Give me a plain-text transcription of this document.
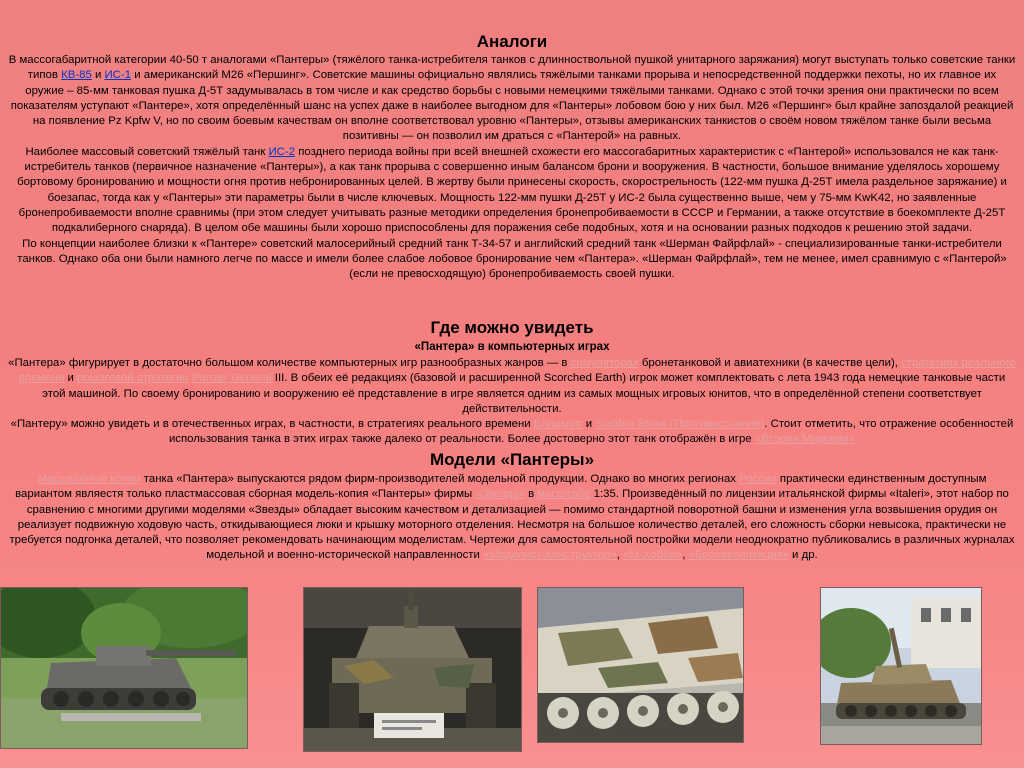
Аналоги

В массогабаритной категории 40-50 т аналогами «Пантеры» (тяжёлого танка-истребителя танков с длинноствольной пушкой унитарного заряжания) могут выступать только советские танки типов КВ-85 и ИС-1 и американский М26 «Першинг». Советские машины официально являлись тяжёлыми танками прорыва и непосредственной поддержки пехоты, но их главное их оружие – 85-мм танковая пушка Д-5Т задумывалась в том числе и как средство борьбы с новыми немецкими тяжёлыми танками. Однако с этой точки зрения они практически по всем показателям уступают «Пантере», хотя определённый шанс на успех даже в наиболее выгодном для «Пантеры» лобовом бою у них был. М26 «Першинг» был крайне запоздалой реакцией на появление Pz Kpfw V, но по своим боевым качествам он вполне соответствовал уровню «Пантеры», отзывы американских танкистов о своём новом тяжёлом танке были весьма позитивны — он позволил им драться с «Пантерой» на равных.

Наиболее массовый советский тяжёлый танк ИС-2 позднего периода войны при всей внешней схожести его массогабаритных характеристик с «Пантерой» использовался не как танк-истребитель танков (первичное назначение «Пантеры»), а как танк прорыва с совершенно иным балансом брони и вооружения. В частности, большое внимание уделялось хорошему бортовому бронированию и мощности огня против небронированных целей. В жертву были принесены скорость, скорострельность (122-мм пушка Д-25Т имела раздельное заряжание) и боезапас, тогда как у «Пантеры» эти параметры были в числе ключевых. Мощность 122-мм пушки Д-25Т у ИС-2 была существенно выше, чем у 75-мм KwK42, но заявленные бронепробиваемости вполне сравнимы (при этом следует учитывать разные методики определения бронепробиваемости в СССР и Германии, а также отсутствие в боекомплекте Д-25Т подкалиберного снаряда). В целом обе машины были хорошо приспособлены для поражения себе подобных, хотя и на основании разных подходов к решению этой задачи.

По концепции наиболее близки к «Пантере» советский малосерийный средний танк Т-34-57 и английский средний танк «Шерман Файрфлай» - специализированные танки-истребители танков. Однако оба они были намного легче по массе и имели более слабое лобовое бронирование чем «Пантера». «Шерман Файрфлай», тем не менее, имел сравнимую с «Пантерой» (если не превосходящую) бронепробиваемость своей пушки.

Где можно увидеть
«Пантера» в компьютерных играх

«Пантера» фигурирует в достаточно большом количестве компьютерных игр разнообразных жанров — в симуляторах бронетанковой и авиатехники (в качестве цели), стратегиях реального времени и пошаговой стратегии Panzer General III. В обеих её редакциях (базовой и расширенной Scorched Earth) игрок может комплектовать с лета 1943 года немецкие танковые части этой машиной. По своему бронированию и вооружению её представление в игре является одним из самых мощных игровых юнитов, что в определённой степени соответствует действительности.

«Пантеру» можно увидеть и в отечественных играх, в частности, в стратегиях реального времени Блицкриг и Sudden Strike (Противостояние). Стоит отметить, что отражение особенностей использования танка в этих играх также далеко от реальности. Более достоверно этот танк отображён в игре «Вторая Мировая»

Модели «Пантеры»

Масштабные копии танка «Пантера» выпускаются рядом фирм-производителей модельной продукции. Однако во многих регионах России практически единственным доступным вариантом являестя только пластмассовая сборная модель-копия «Пантеры» фирмы «Звезда» в масштабе 1:35. Произведённый по лицензии итальянской фирмы «Italeri», этот набор по сравнению с многими другими моделями «Звезды» обладает высоким качеством и детализацией — помимо стандартной поворотной башни и изменения угла возвышения орудия он реализует подвижную ходовую часть, откидывающиеся люки и крышку моторного отделения. Несмотря на большое количество деталей, его сложность сборки невысока, практически не требуется подгонка деталей, что позволяет рекомендовать начинающим моделистам. Чертежи для самостоятельной постройки модели неоднократно публиковались в различных журналах модельной и военно-исторической направленности «Моделист-Конструктор», «М-Хобби», «Бронеколлекция» и др.
